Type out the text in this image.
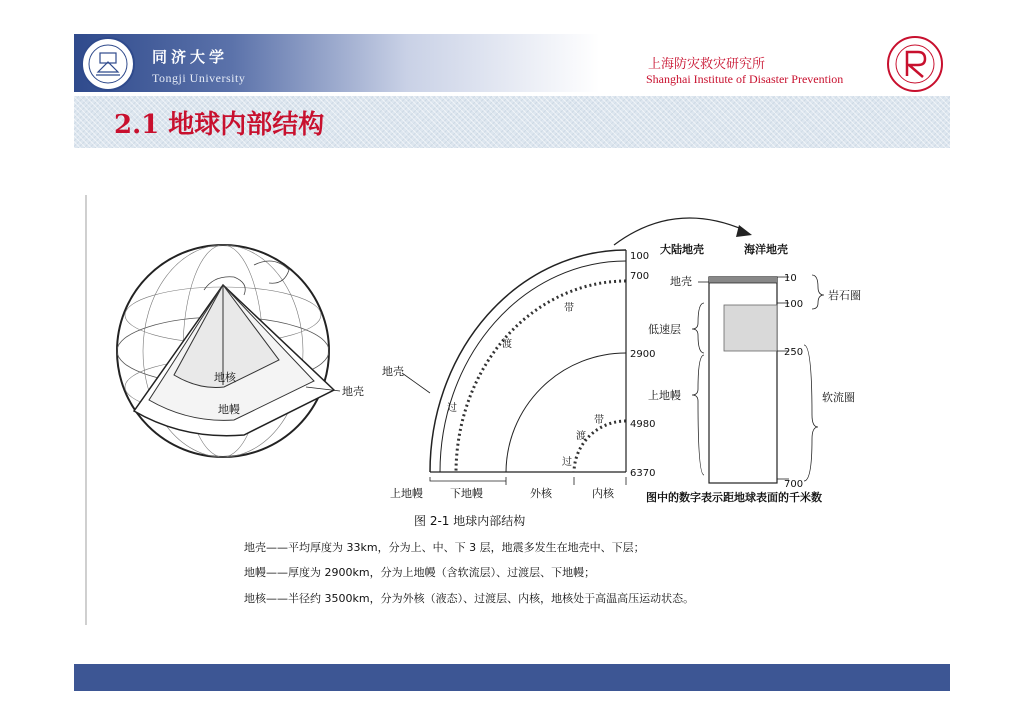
同济大学
Tongji University
上海防灾救灾研究所
Shanghai Institute of Disaster Prevention
2.1 地球内部结构
地核
地幔
地壳
地壳
过
渡
带
过
渡
带
100
700
2900
4980
6370
上地幔 下地幔	外核	内核
大陆地壳	海洋地壳
地壳
低速层
上地幔
岩石圈
软流圈
10
100
250
700
图中的数字表示距地球表面的千米数
图 2-1 地球内部结构
地壳——平均厚度为 33km，分为上、中、下 3 层，地震多发生在地壳中、下层；
地幔——厚度为 2900km，分为上地幔（含软流层）、过渡层、下地幔；
地核——半径约 3500km，分为外核（液态）、过渡层、内核，地核处于高温高压运动状态。
4
